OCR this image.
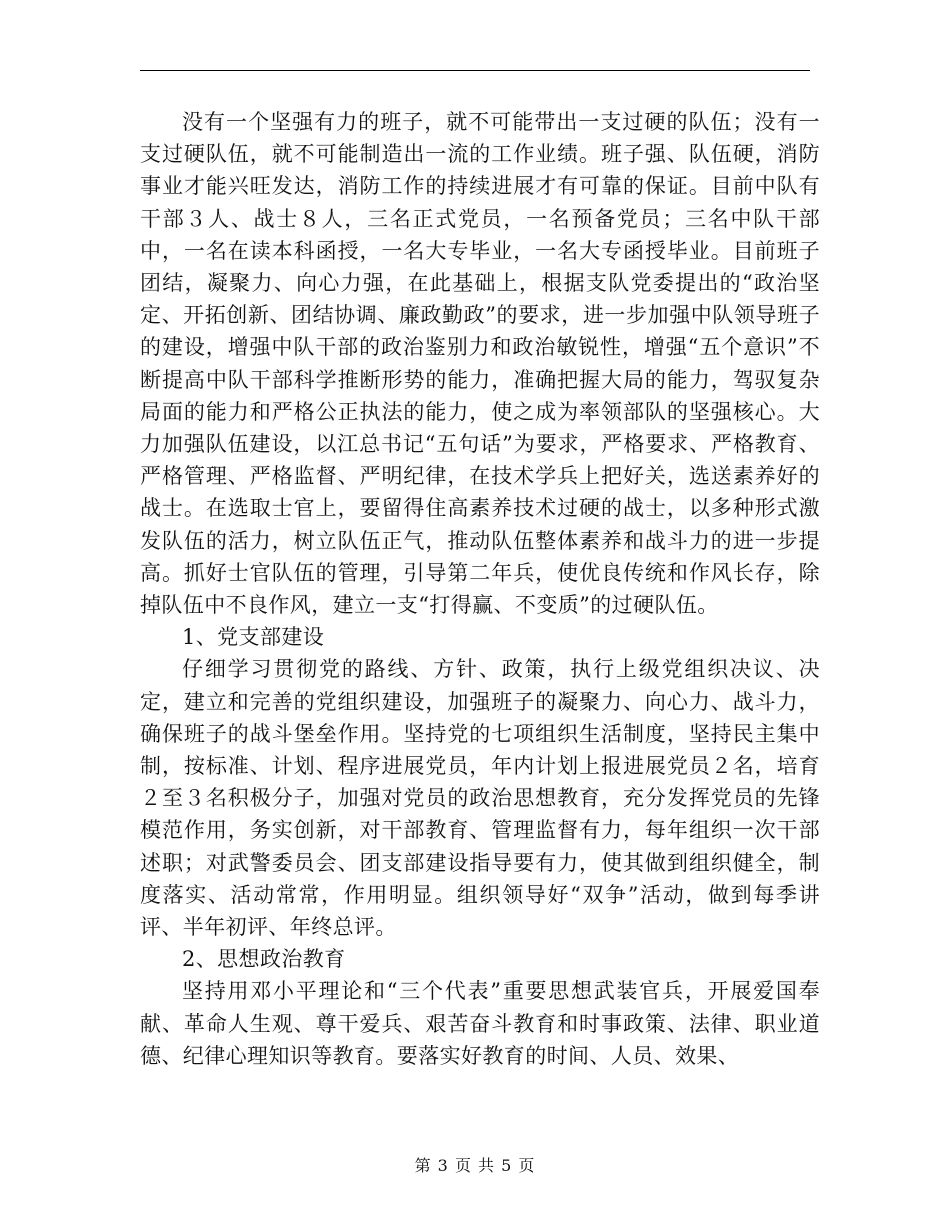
没有一个坚强有力的班子，就不可能带出一支过硬的队伍；没有一支过硬队伍，就不可能制造出一流的工作业绩。班子强、队伍硬，消防事业才能兴旺发达，消防工作的持续进展才有可靠的保证。目前中队有干部３人、战士８人，三名正式党员，一名预备党员；三名中队干部中，一名在读本科函授，一名大专毕业，一名大专函授毕业。目前班子团结，凝聚力、向心力强，在此基础上，根据支队党委提出的“政治坚定、开拓创新、团结协调、廉政勤政”的要求，进一步加强中队领导班子的建设，增强中队干部的政治鉴别力和政治敏锐性，增强“五个意识”不断提高中队干部科学推断形势的能力，准确把握大局的能力，驾驭复杂局面的能力和严格公正执法的能力，使之成为率领部队的坚强核心。大力加强队伍建设，以江总书记“五句话”为要求，严格要求、严格教育、严格管理、严格监督、严明纪律，在技术学兵上把好关，选送素养好的战士。在选取士官上，要留得住高素养技术过硬的战士，以多种形式激发队伍的活力，树立队伍正气，推动队伍整体素养和战斗力的进一步提高。抓好士官队伍的管理，引导第二年兵，使优良传统和作风长存，除掉队伍中不良作风，建立一支“打得赢、不变质”的过硬队伍。

1、党支部建设

仔细学习贯彻党的路线、方针、政策，执行上级党组织决议、决定，建立和完善的党组织建设，加强班子的凝聚力、向心力、战斗力，确保班子的战斗堡垒作用。坚持党的七项组织生活制度，坚持民主集中制，按标准、计划、程序进展党员，年内计划上报进展党员２名，培育２至３名积极分子，加强对党员的政治思想教育，充分发挥党员的先锋模范作用，务实创新，对干部教育、管理监督有力，每年组织一次干部述职；对武警委员会、团支部建设指导要有力，使其做到组织健全，制度落实、活动常常，作用明显。组织领导好“双争”活动，做到每季讲评、半年初评、年终总评。

2、思想政治教育

坚持用邓小平理论和“三个代表”重要思想武装官兵，开展爱国奉献、革命人生观、尊干爱兵、艰苦奋斗教育和时事政策、法律、职业道德、纪律心理知识等教育。要落实好教育的时间、人员、效果、

第 3 页 共 5 页
